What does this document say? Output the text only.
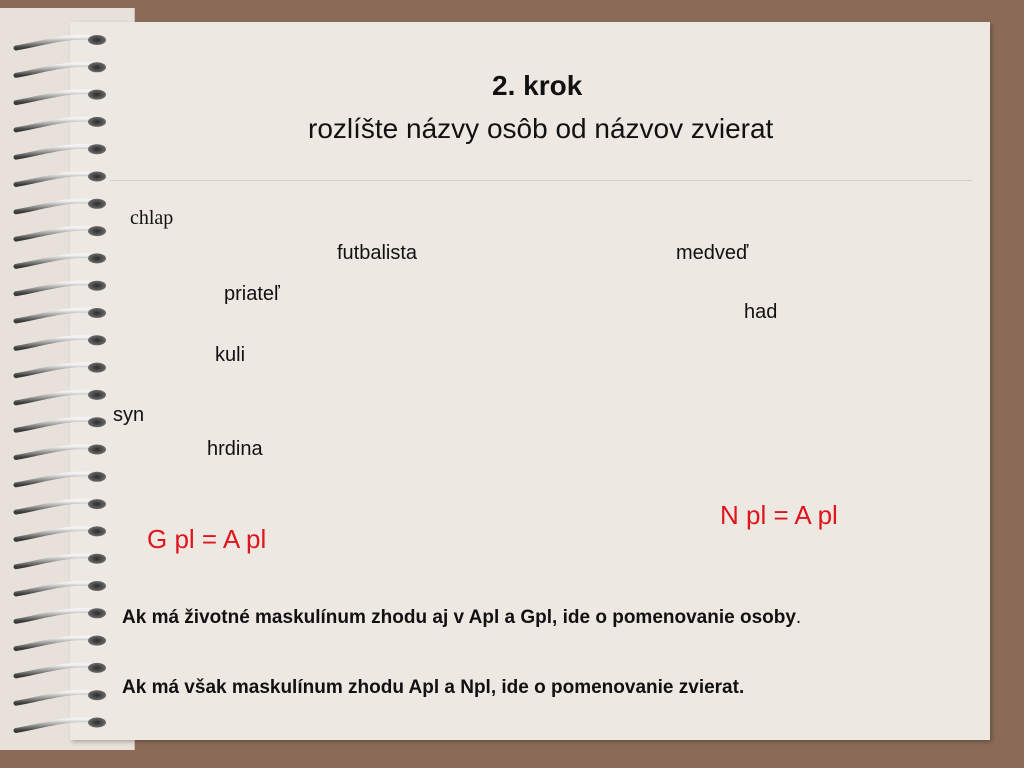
2. krok
rozlíšte názvy osôb od názvov zvierat
chlap
futbalista	medveď
priateľ
had
kuli
syn
hrdina
N pl = A pl
G pl = A pl
Ak má životné maskulínum zhodu aj v Apl a Gpl, ide o pomenovanie osoby.
Ak má však maskulínum zhodu Apl a Npl, ide o pomenovanie zvierat.
